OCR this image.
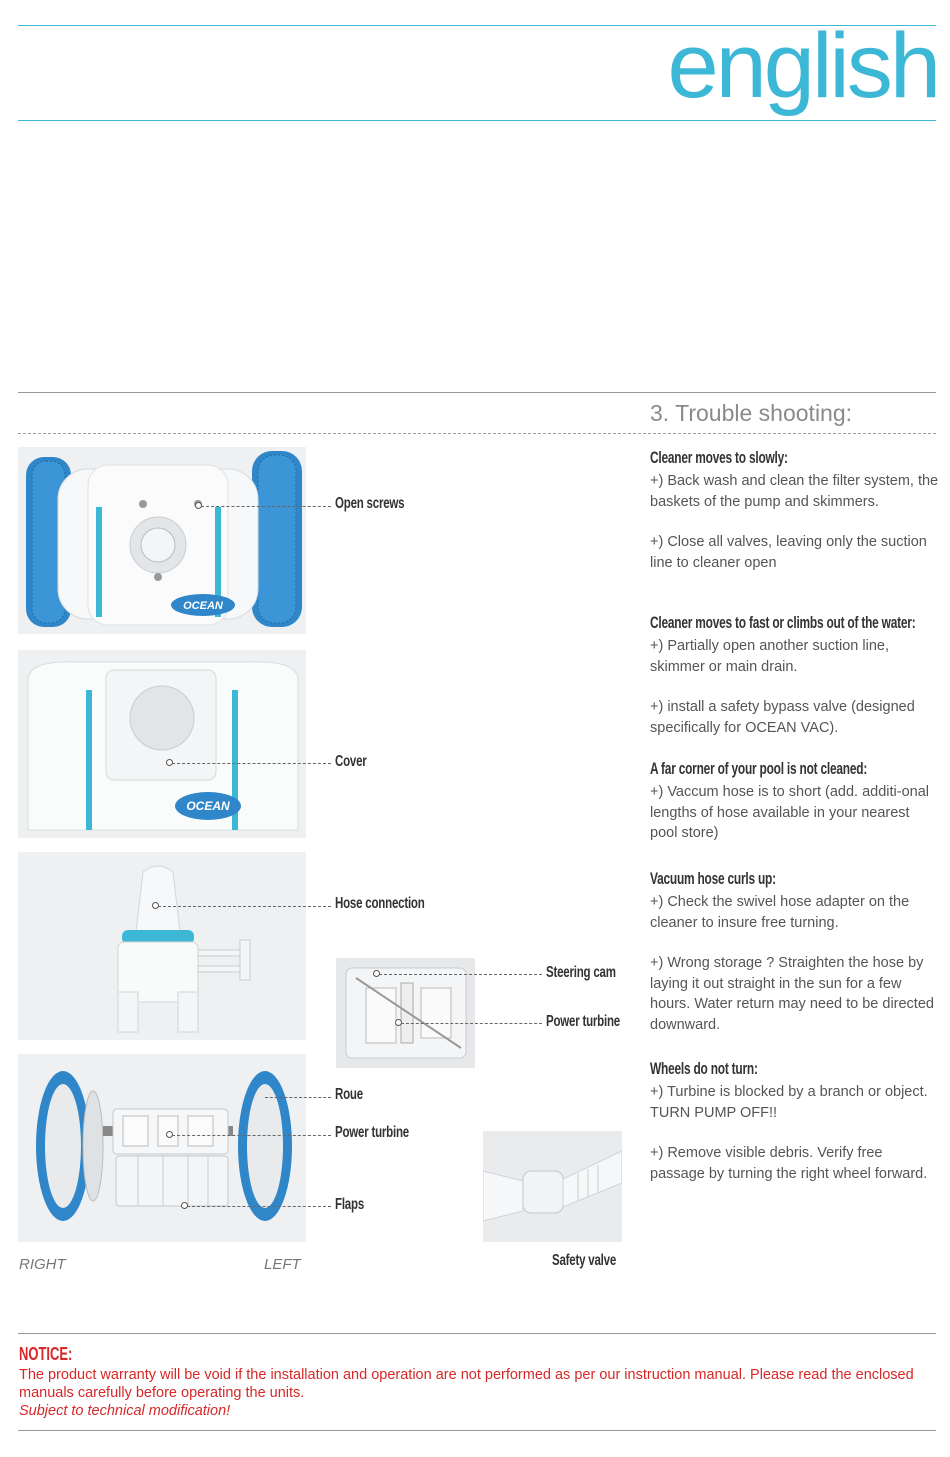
english
3. Trouble shooting:
OCEAN
Open screws
OCEAN
Cover
Hose connection
Steering cam
Power turbine
Roue
Power turbine
Flaps
Safety valve
RIGHT	LEFT
Cleaner moves to slowly:
+) Back wash and clean the filter system, the baskets of the pump and skimmers.
+) Close all valves, leaving only the suction line to cleaner open
Cleaner moves to fast or climbs out of the water:
+) Partially open another suction line, skimmer or main drain.
+) install a safety bypass valve (designed specifically for OCEAN VAC).
A far corner of your pool is not cleaned:
+) Vaccum hose is to short (add. additi-onal lengths of hose available in your nearest pool store)
Vacuum hose curls up:
+) Check the swivel hose adapter on the cleaner to insure free turning.
+) Wrong storage ? Straighten the hose by laying it out straight in the sun for a few hours. Water return may need to be directed downward.
Wheels do not turn:
+) Turbine is blocked by a branch or object. TURN PUMP OFF!!
+) Remove visible debris. Verify free passage by turning the right wheel forward.
NOTICE:
The product warranty will be void if the installation and operation are not performed as per our instruction manual. Please read the enclosed manuals carefully before operating the units.
Subject to technical modification!
